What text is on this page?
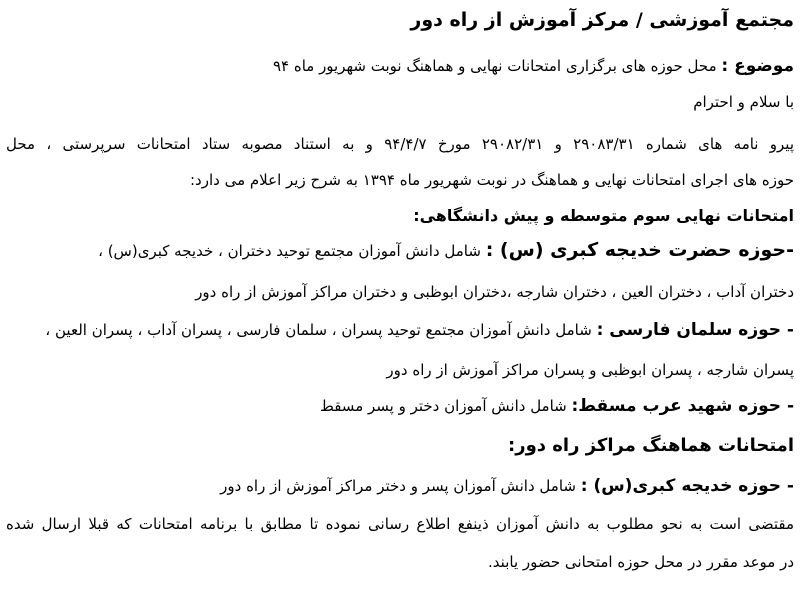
مجتمع آموزشی / مرکز آموزش از راه دور
موضوع : محل حوزه های برگزاری امتحانات نهایی و هماهنگ نوبت شهریور ماه ۹۴
با سلام و احترام
پیرو نامه های شماره ۲۹۰۸۳/۳۱ و ۲۹۰۸۲/۳۱ مورخ ۹۴/۴/۷ و به استناد مصوبه ستاد امتحانات سرپرستی ، محل
حوزه های اجرای امتحانات نهایی و هماهنگ در نوبت شهریور ماه ۱۳۹۴ به شرح زیر اعلام می دارد:
امتحانات نهایی سوم متوسطه و پیش دانشگاهی:
-حوزه حضرت خدیجه کبری (س) : شامل دانش آموزان مجتمع توحید دختران ، خدیجه کبری(س) ،
دختران آداب ، دختران العین ، دختران شارجه ،دختران ابوظبی و دختران مراکز آموزش از راه دور
- حوزه سلمان فارسی : شامل دانش آموزان مجتمع توحید پسران ، سلمان فارسی ، پسران آداب ، پسران العین ،
پسران شارجه ، پسران ابوظبی و پسران مراکز آموزش از راه دور
- حوزه شهید عرب مسقط: شامل دانش آموزان دختر و پسر مسقط
امتحانات هماهنگ مراکز راه دور:
- حوزه خدیجه کبری(س) : شامل دانش آموزان پسر و دختر مراکز آموزش از راه دور
مقتضی است به نحو مطلوب به دانش آموزان ذینفع اطلاع رسانی نموده تا مطابق با برنامه امتحانات که قبلا ارسال شده
در موعد مقرر در محل حوزه امتحانی حضور یابند.
